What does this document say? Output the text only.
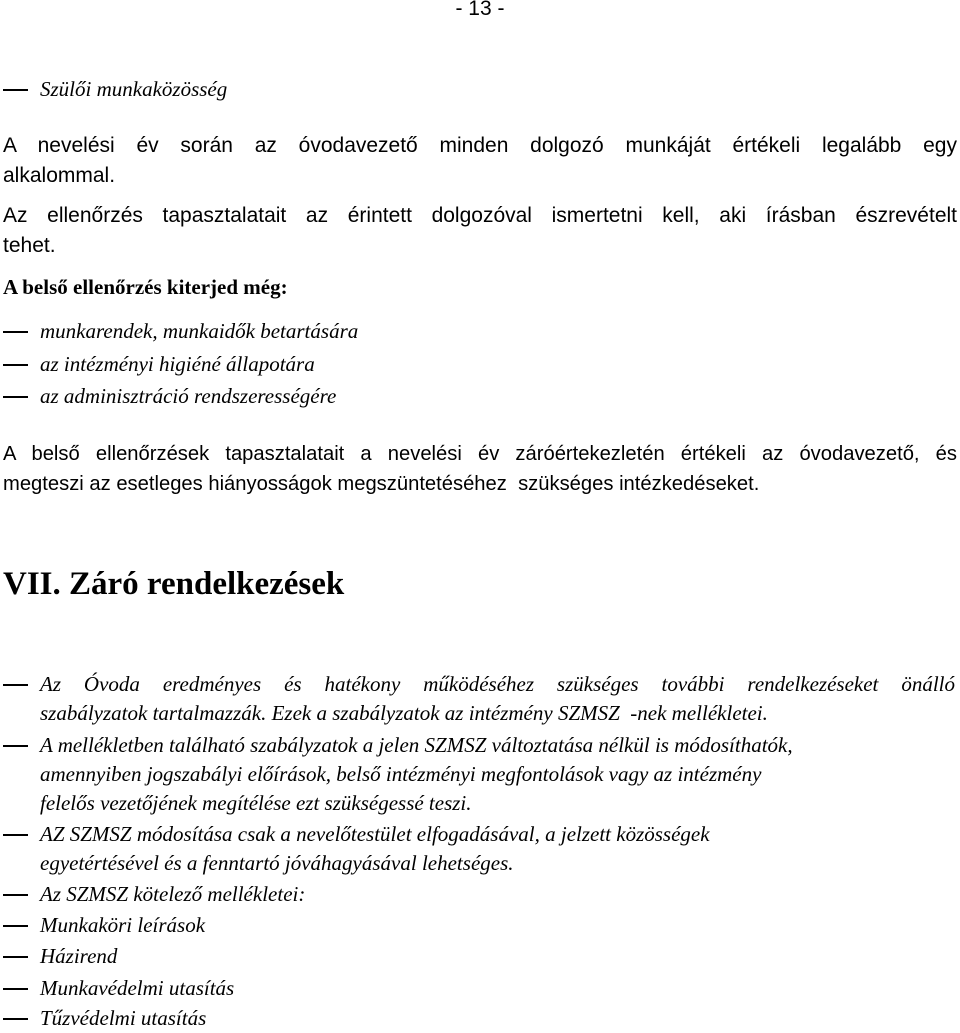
- 13 -
Szülői munkaközösség
A nevelési év során az óvodavezető minden dolgozó munkáját értékeli legalább egy
alkalommal.
Az ellenőrzés tapasztalatait az érintett dolgozóval ismertetni kell, aki írásban észrevételt
tehet.
A belső ellenőrzés kiterjed még:
munkarendek, munkaidők betartására
az intézményi higiéné állapotára
az adminisztráció rendszerességére
A belső ellenőrzések tapasztalatait a nevelési év záróértekezletén értékeli az óvodavezető, és
megteszi az esetleges hiányosságok megszüntetéséhez  szükséges intézkedéseket.
VII. Záró rendelkezések
Az Óvoda eredményes és hatékony működéséhez szükséges további rendelkezéseket önálló
szabályzatok tartalmazzák. Ezek a szabályzatok az intézmény SZMSZ  -nek mellékletei.
A mellékletben található szabályzatok a jelen SZMSZ változtatása nélkül is módosíthatók,
amennyiben jogszabályi előírások, belső intézményi megfontolások vagy az intézmény
felelős vezetőjének megítélése ezt szükségessé teszi.
AZ SZMSZ módosítása csak a nevelőtestület elfogadásával, a jelzett közösségek
egyetértésével és a fenntartó jóváhagyásával lehetséges.
Az SZMSZ kötelező mellékletei:
Munkaköri leírások
Házirend
Munkavédelmi utasítás
Tűzvédelmi utasítás
